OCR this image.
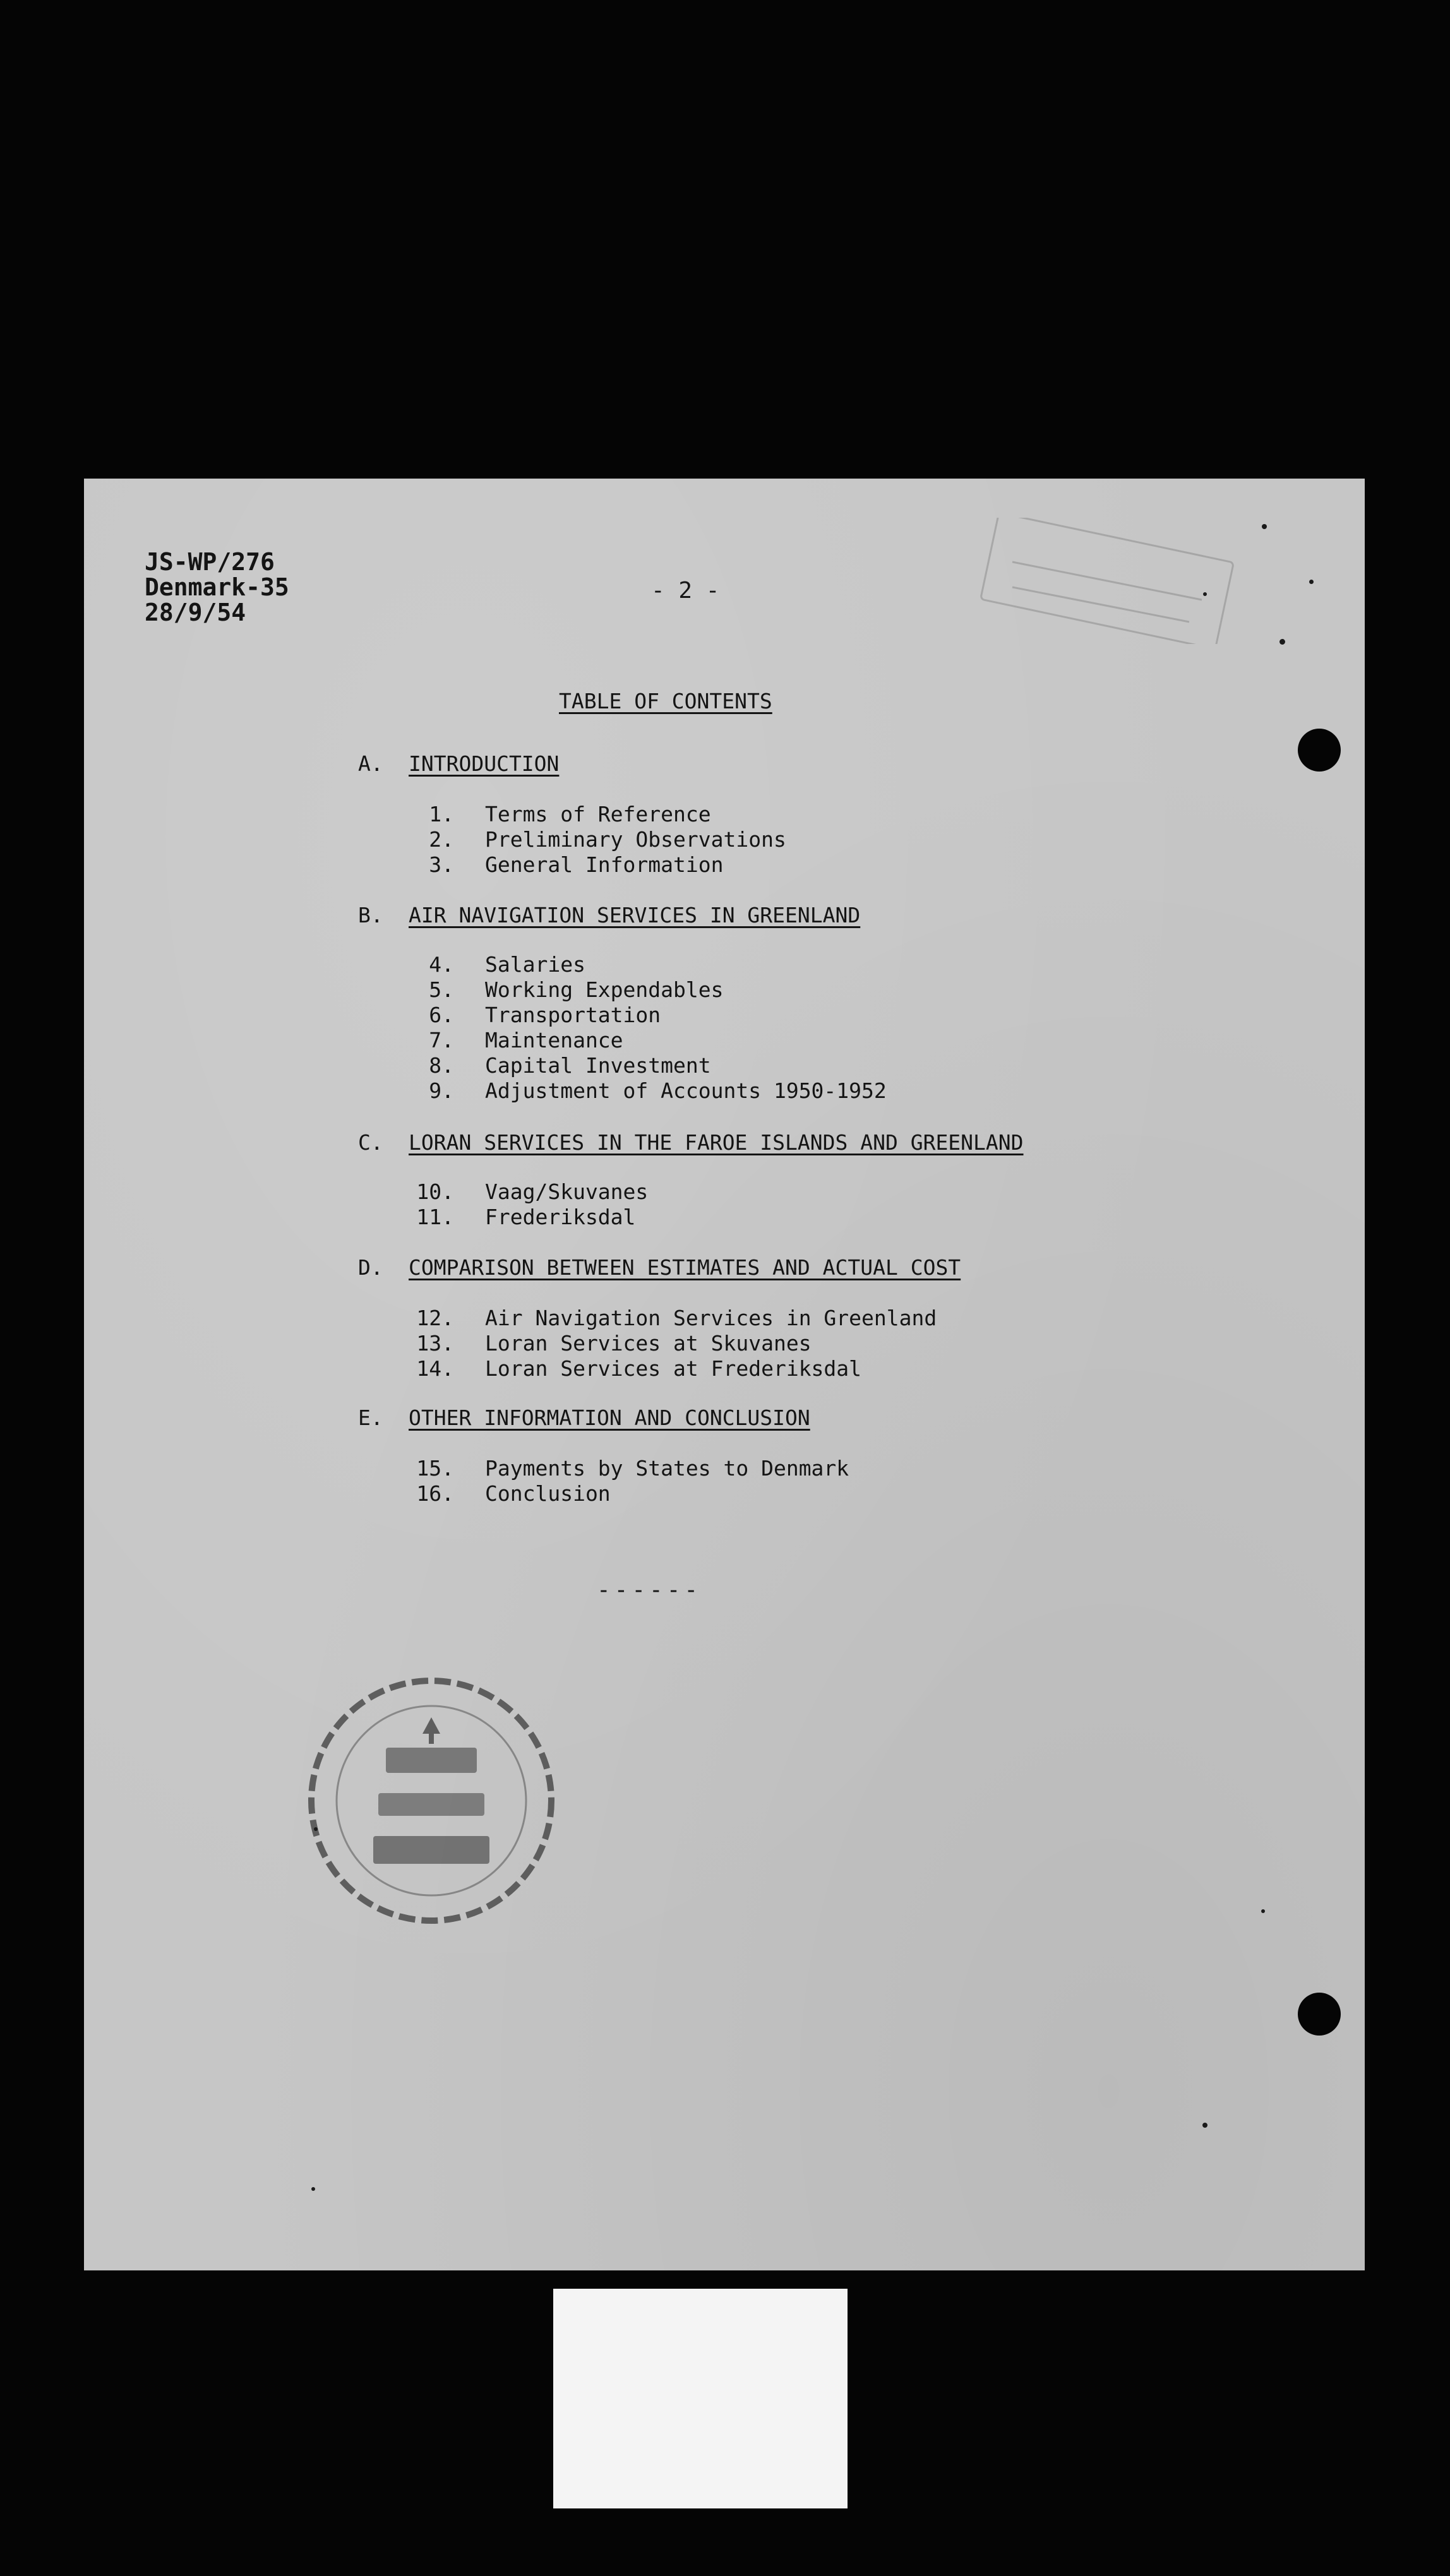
JS-WP/276
Denmark-35
28/9/54
- 2 -
TABLE OF CONTENTS
A. INTRODUCTION
1. Terms of Reference
2. Preliminary Observations
3. General Information
B. AIR NAVIGATION SERVICES IN GREENLAND
4. Salaries
5. Working Expendables
6. Transportation
7. Maintenance
8. Capital Investment
9. Adjustment of Accounts 1950-1952
C. LORAN SERVICES IN THE FAROE ISLANDS AND GREENLAND
10. Vaag/Skuvanes
11. Frederiksdal
D. COMPARISON BETWEEN ESTIMATES AND ACTUAL COST
12. Air Navigation Services in Greenland
13. Loran Services at Skuvanes
14. Loran Services at Frederiksdal
E. OTHER INFORMATION AND CONCLUSION
15. Payments by States to Denmark
16. Conclusion
------
